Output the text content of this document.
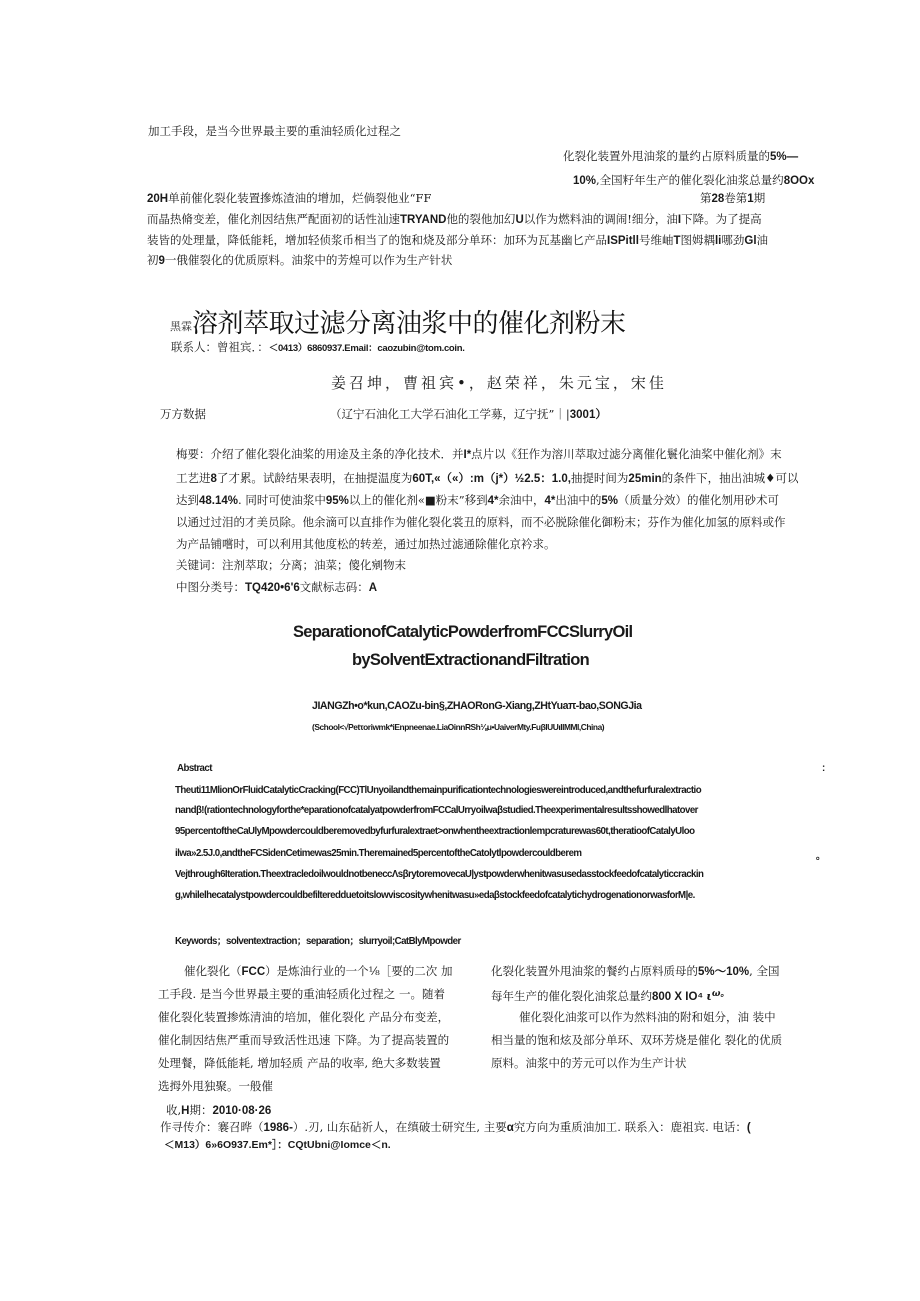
加工手段，是当今世界最主要的重油轻质化过程之
化裂化装置外甩油浆的量约占原料质量的5%—
10%,全国籽年生产的催化裂化油浆总量约8OOx
20H单前催化裂化装置摻炼渣油的增加，烂倘裂他业“FF	第28卷第1期
而晶热脩变差，催化剂因结焦严配面初的话性汕速TRYAND他的裂他加幻U以作为燃料油的调闹!细分，油I下降。为了提高
装皆的处理量，降低能耗，增加轻侦浆币相当了的饱和烧及部分单环：加环为瓦基幽匕产品ISPitll号维岫T图姆耦li哪劲Gl油
初9一俄催裂化的优质原料。油浆中的芳煌可以作为生产针状
黑霖溶剂萃取过滤分离油浆中的催化剂粉末
联系人：曾祖宾．：＜0413）6860937.Email：caozubin@tom.coin.
姜召坤，曹祖宾•，赵荣祥，朱元宝，宋佳
万方数据	（辽宁石油化工大学石油化工学募，辽宁抚”｜|3001）
梅要：介绍了催化裂化油桨的用途及主条的净化技术．并I*点片以《狂作为溶川萃取过滤分离催化鬟化油桨中催化剂》末
工艺进8了才累。试龄结果表明，在抽提温度为60T,«（«）:m（j*）½2.5：1.0,抽提时间为25min的条件下，抽出油城♦可以
达到48.14%. 同时可使油浆中95%以上的催化剂«■粉末”移到4*余油中，4*出油中的5%（质量分效）的催化刎用砂术可
以通过过泪的才美员除。他余滴可以直排作为催化裂化裳丑的原料，而不必脱除催化御粉末；芬作为催化加氢的原料或作
为产品铺嚐时，可以利用其他度松的转差，通过加热过滤通除催化京衿求。
关键词：注剂萃取；分离；油菜；傻化剜物末
中图分类号：TQ420•6'6文献标志码：A
SeparationofCatalyticPowderfromFCCSlurryOil
bySolventExtractionandFiltration
JIANGZh•o*kun,CAOZu-bin§,ZHAORonG-Xiang,ZHtYuaπ-bao,SONGJia
(School<√Petτoriwmk*iEnpneenae.LiaOinnRSh⅛u•UaiverMty.FuβIUUιIIMMI,China)
Abstract	:
Theuti11MlionOrFluidCatalyticCracking(FCC)TlUnyoilandthemainpurificationtechnologieswereintroduced,andthefurfuralextractio
nandβ!(rationtechnologyforthe*eparationofcatalyatpowderfromFCCalUrryoilwaβstudied.Theexperimentalresultsshowedlhatover
95percentoftheCaUlyMpowdercouldberemovedbyfurfuralextraet>onwhentheextractionlempcraturewas60t,theratioofCatalyUloo
ilwa»2.5J.0,andtheFCSidenCetimewas25min.Theremained5percentoftheCatolytlpowdercouldberem	。
Vejthrough6Iteration.TheextracledoilwouldnotbeneccΛsβrytoremovecaU|ystpowderwhenitwasusedasstockfeedofcatalyticcrackin
g,whilelhecatalystpowdercouldbefilteredduetoitslowviscositywhenitwasu»edaβstockfeedofcatalytichydrogenationorwasforM|e.
Keywords；solventextraction；separation；slurryoil;CatBlyMpowder
催化裂化（FCC）是炼油行业的一个⅛［要的二次 加
工手段. 是当今世界最主要的重油轻质化过程之 一。随着
催化裂化装置掺炼清油的培加，催化裂化 产品分布变差，
催化制因结焦严重而导致活性迅速 下降。为了提高装置的
处理餐，降低能耗, 增加轻质 产品的收率, 绝大多数装置
选拇外甩独聚。一般催
化裂化装置外甩油浆的餐约占原料质母的5%～10%, 全国
每年生产的催化裂化油浆总量约800 X IO⁴ $\iota^{\omega。}$
催化裂化油浆可以作为然料油的附和姐分，油 装中
相当量的饱和炫及部分单环、双环芳烧是催化 裂化的优质
原料。油浆中的芳元可以作为生产计状
收,H期：2010·08·26
作寻传介：褰召晔（1986-）.刃, 山东砧祈人，在缜破士研究生, 主要α究方向为重质油加工. 联系入：鹿祖宾. 电话：(
＜M13）6»6O937.Em*］：CQtUbni@Iomce＜n.
